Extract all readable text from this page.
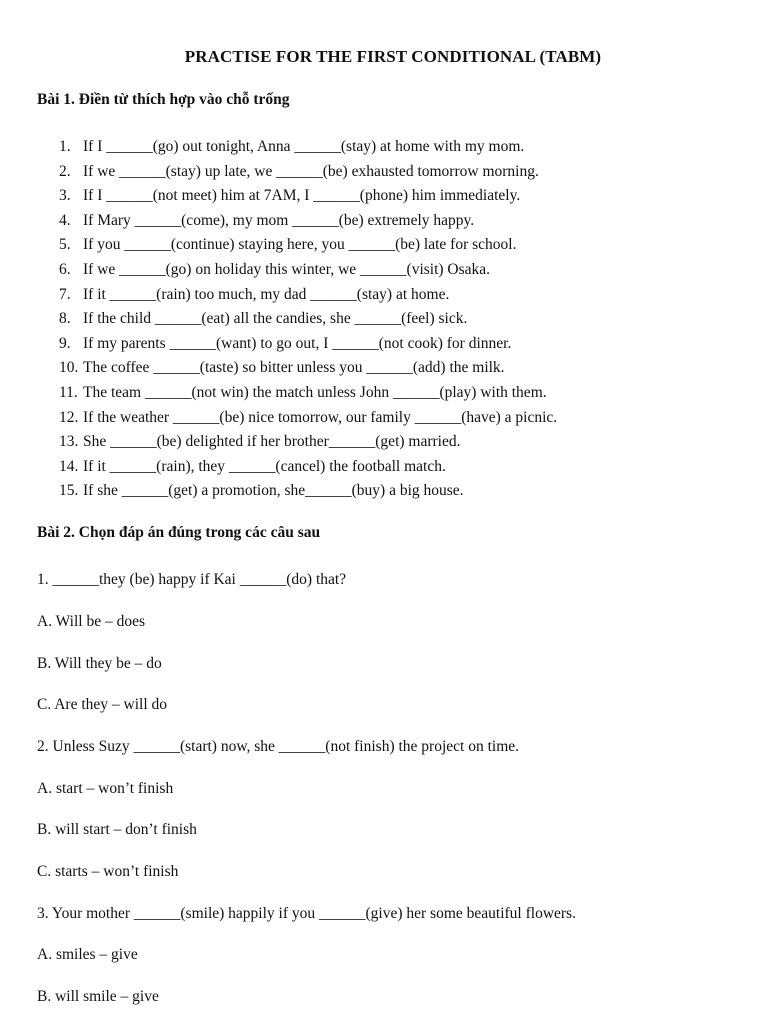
PRACTISE FOR THE FIRST CONDITIONAL (TABM)
Bài 1. Điền từ thích hợp vào chỗ trống
1. If I ______(go) out tonight, Anna ______(stay) at home with my mom.
2. If we ______(stay) up late, we ______(be) exhausted tomorrow morning.
3. If I ______(not meet) him at 7AM, I ______(phone) him immediately.
4. If Mary ______(come), my mom ______(be) extremely happy.
5. If you ______(continue) staying here, you ______(be) late for school.
6. If we ______(go) on holiday this winter, we ______(visit) Osaka.
7. If it ______(rain) too much, my dad ______(stay) at home.
8. If the child ______(eat) all the candies, she ______(feel) sick.
9. If my parents ______(want) to go out, I ______(not cook) for dinner.
10. The coffee ______(taste) so bitter unless you ______(add) the milk.
11. The team ______(not win) the match unless John ______(play) with them.
12. If the weather ______(be) nice tomorrow, our family ______(have) a picnic.
13. She ______(be) delighted if her brother______(get) married.
14. If it ______(rain), they ______(cancel) the football match.
15. If she ______(get) a promotion, she______(buy) a big house.
Bài 2. Chọn đáp án đúng trong các câu sau
1. ______they (be) happy if Kai ______(do) that?
A. Will be – does
B. Will they be – do
C. Are they – will do
2. Unless Suzy ______(start) now, she ______(not finish) the project on time.
A. start – won’t finish
B. will start – don’t finish
C. starts – won’t finish
3. Your mother ______(smile) happily if you ______(give) her some beautiful flowers.
A. smiles – give
B. will smile – give
